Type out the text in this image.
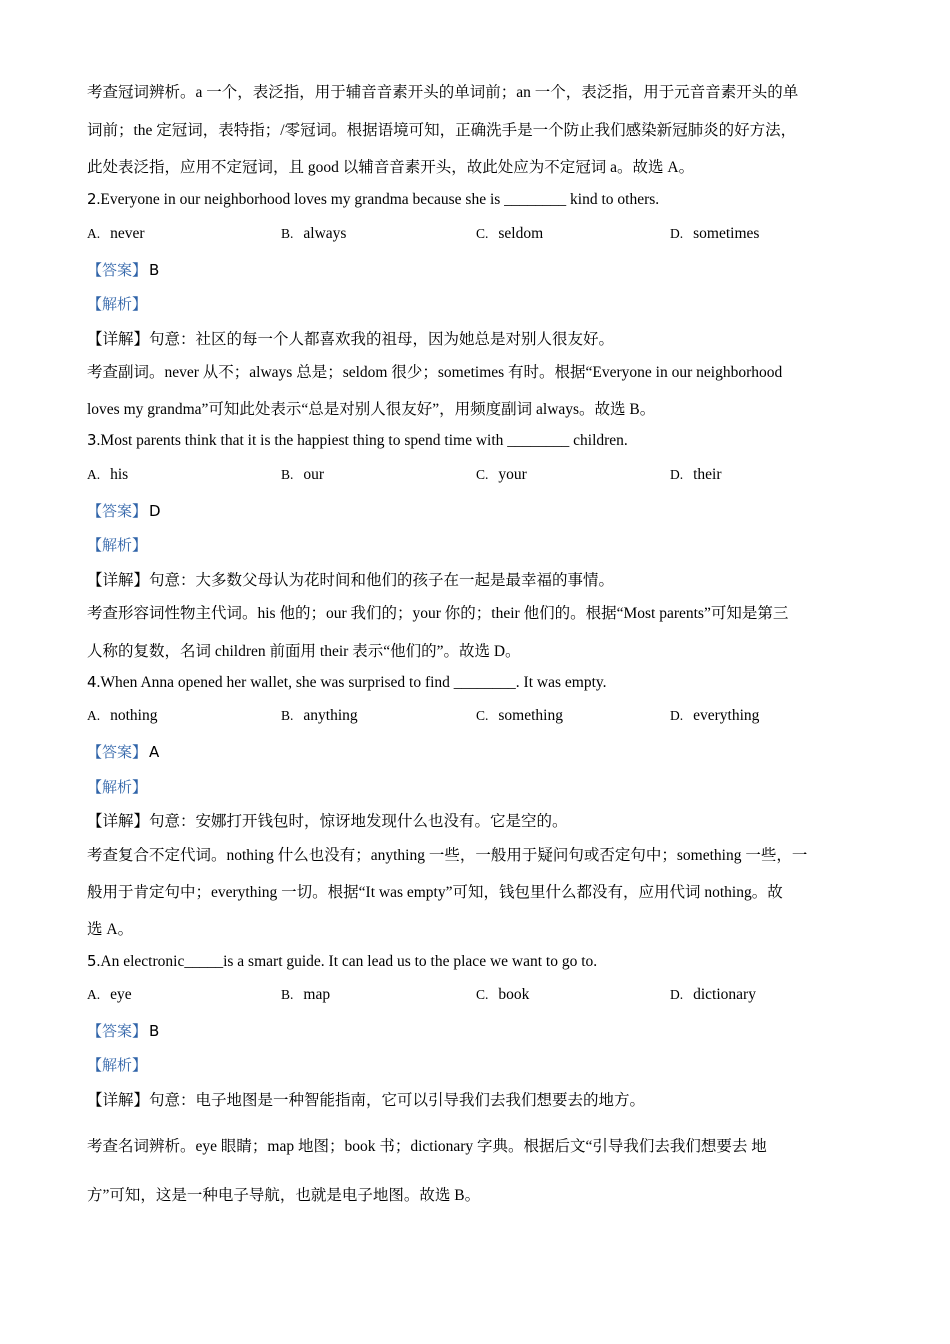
考查冠词辨析。a 一个，表泛指，用于辅音音素开头的单词前；an 一个，表泛指，用于元音音素开头的单
词前；the 定冠词，表特指；/零冠词。根据语境可知，正确洗手是一个防止我们感染新冠肺炎的好方法，
此处表泛指，应用不定冠词，且 good 以辅音音素开头，故此处应为不定冠词 a。故选 A。
2.Everyone in our neighborhood loves my grandma because she is ________ kind to others.
A. never	B. always	C. seldom	D. sometimes
【答案】 B
【解析】
【详解】句意：社区的每一个人都喜欢我的祖母，因为她总是对别人很友好。
考查副词。never 从不；always 总是；seldom 很少；sometimes 有时。根据“Everyone in our neighborhood
loves my grandma”可知此处表示“总是对别人很友好”，用频度副词 always。故选 B。
3.Most parents think that it is the happiest thing to spend time with ________ children.
A. his	B. our	C. your	D. their
【答案】 D
【解析】
【详解】句意：大多数父母认为花时间和他们的孩子在一起是最幸福的事情。
考查形容词性物主代词。his 他的；our 我们的；your 你的；their 他们的。根据“Most parents”可知是第三
人称的复数，名词 children 前面用 their 表示“他们的”。故选 D。
4.When Anna opened her wallet, she was surprised to find ________. It was empty.
A. nothing	B. anything	C. something	D. everything
【答案】 A
【解析】
【详解】句意：安娜打开钱包时，惊讶地发现什么也没有。它是空的。
考查复合不定代词。nothing 什么也没有；anything 一些，一般用于疑问句或否定句中；something 一些，一
般用于肯定句中；everything 一切。根据“It was empty”可知，钱包里什么都没有，应用代词 nothing。故
选 A。
5.An electronic_____is a smart guide. It can lead us to the place we want to go to.
A. eye	B. map	C. book	D. dictionary
【答案】 B
【解析】
【详解】句意：电子地图是一种智能指南，它可以引导我们去我们想要去的地方。
考查名词辨析。eye 眼睛；map 地图；book 书；dictionary 字典。根据后文“引导我们去我们想要去 地
方”可知，这是一种电子导航，也就是电子地图。故选 B。
